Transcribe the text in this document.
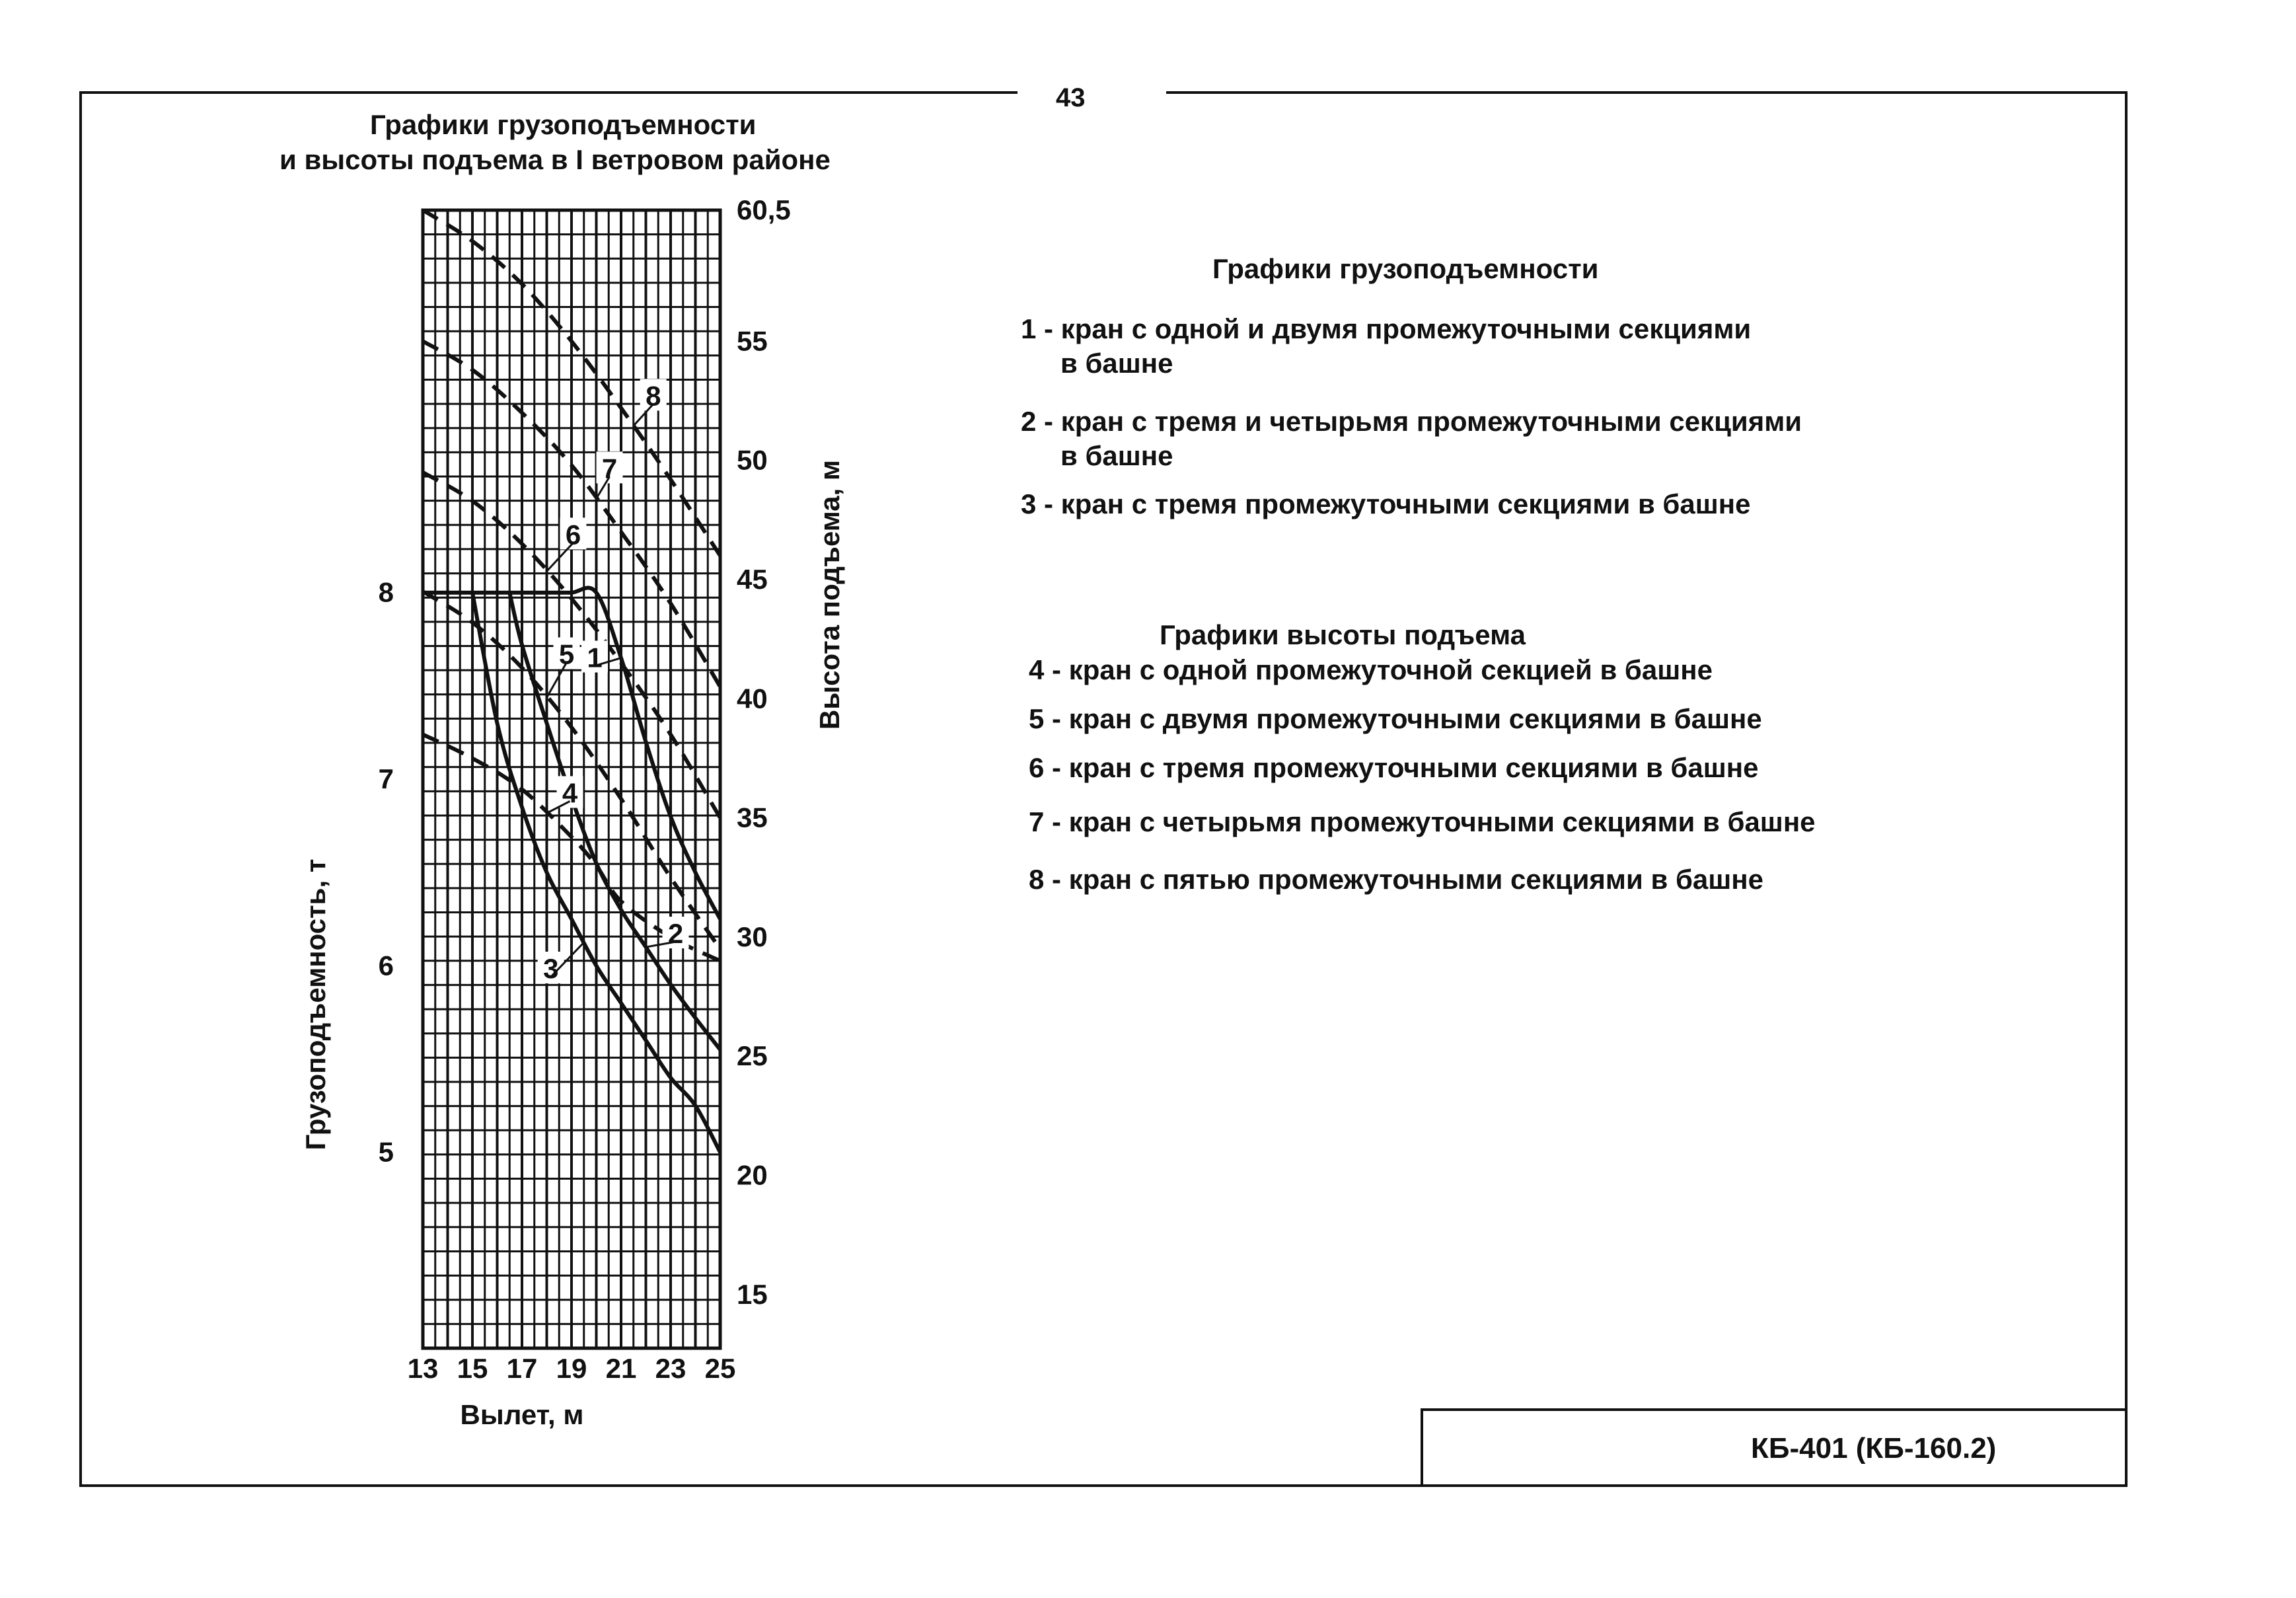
43
Графики грузоподъемности
и высоты подъема в I ветровом районе
13 15 17 19 21 23 25
5
6
7
8
15
20
25
30
35
40
45
50
55
60,5
1
2
3
4
5
6
7
8
Вылет, м
Грузоподъемность, т
Высота подъема, м
Графики грузоподъемности
1 - кран с одной и двумя промежуточными секциями
в башне
2 - кран с тремя и четырьмя промежуточными секциями
в башне
3 - кран с тремя промежуточными секциями в башне
Графики высоты подъема
4 - кран с одной промежуточной секцией в башне
5 - кран с двумя промежуточными секциями в башне
6 - кран с тремя промежуточными секциями в башне
7 - кран с четырьмя промежуточными секциями в башне
8 - кран с пятью промежуточными секциями в башне
КБ-401 (КБ-160.2)
